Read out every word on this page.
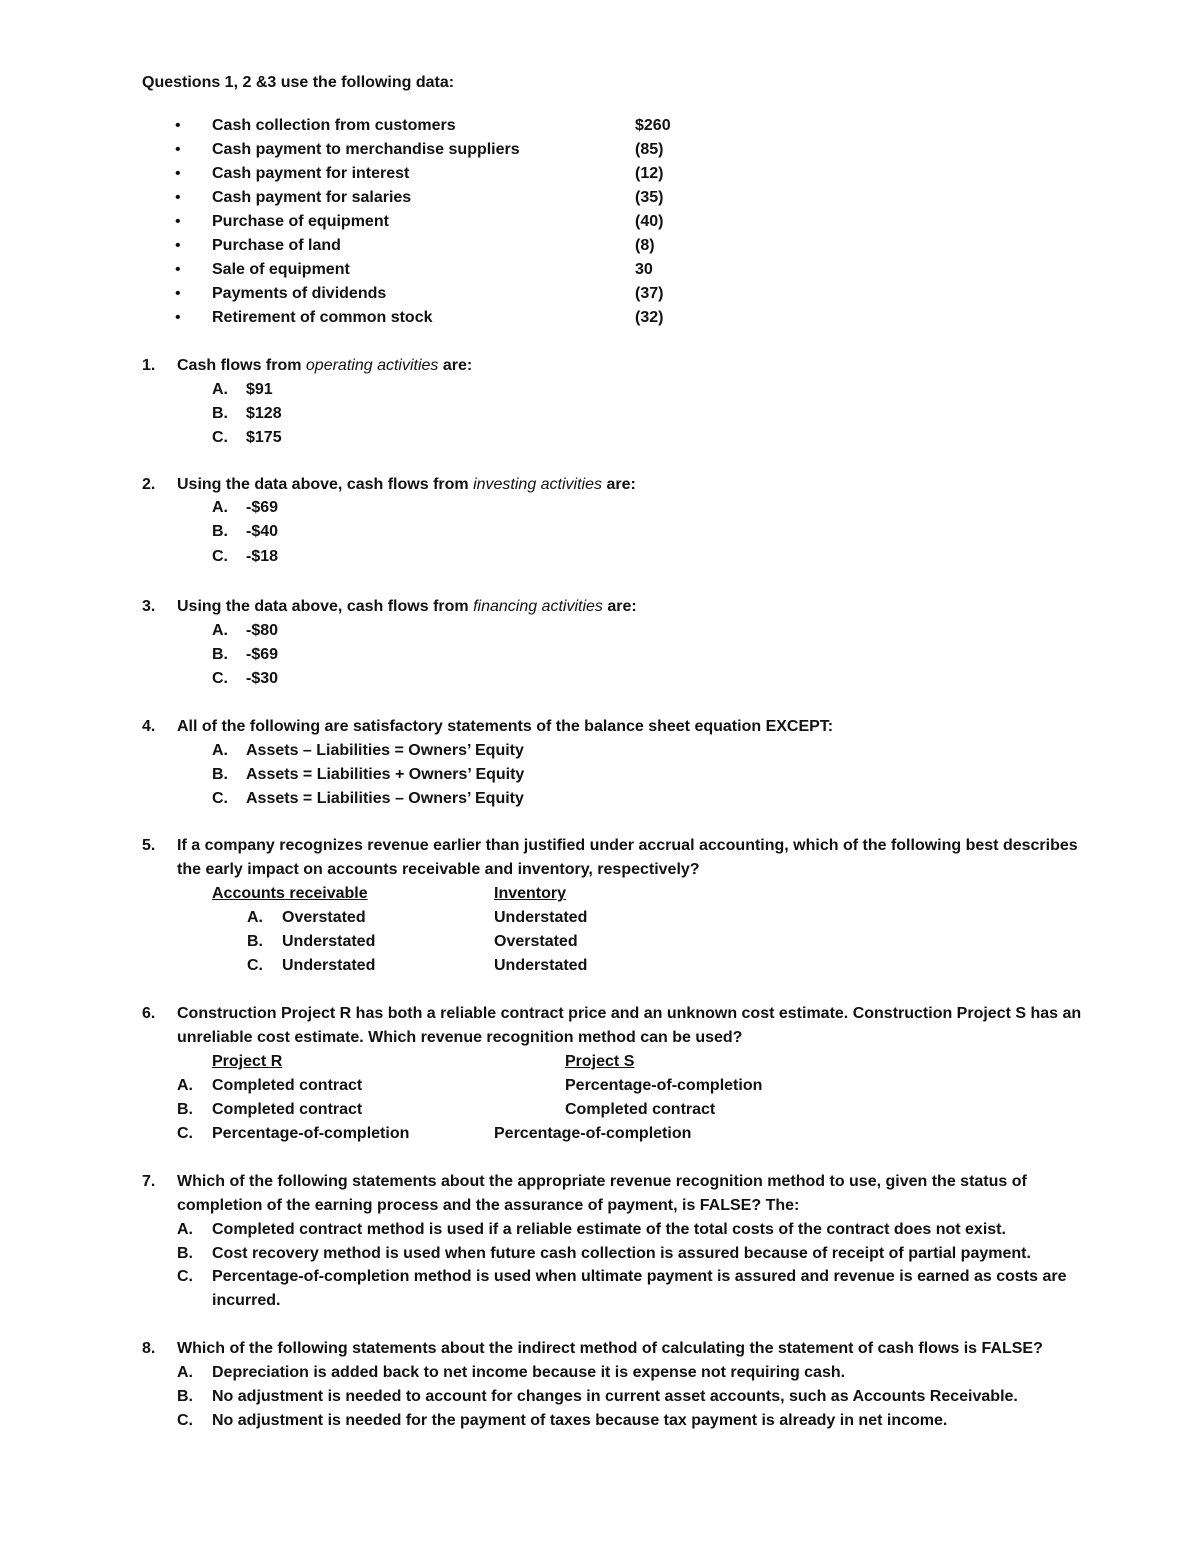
Questions 1, 2 &3 use the following data:
• Cash collection from customers	$260
• Cash payment to merchandise suppliers	(85)
• Cash payment for interest	(12)
• Cash payment for salaries	(35)
• Purchase of equipment	(40)
• Purchase of land	(8)
• Sale of equipment	30
• Payments of dividends	(37)
• Retirement of common stock	(32)
1. Cash flows from operating activities are:
A. $91
B. $128
C. $175
2. Using the data above, cash flows from investing activities are:
A. -$69
B. -$40
C. -$18
3. Using the data above, cash flows from financing activities are:
A. -$80
B. -$69
C. -$30
4. All of the following are satisfactory statements of the balance sheet equation EXCEPT:
A. Assets – Liabilities = Owners’ Equity
B. Assets = Liabilities + Owners’ Equity
C. Assets = Liabilities – Owners’ Equity
5. If a company recognizes revenue earlier than justified under accrual accounting, which of the following best describes
the early impact on accounts receivable and inventory, respectively?
Accounts receivable	Inventory
A. Overstated	Understated
B. Understated	Overstated
C. Understated	Understated
6. Construction Project R has both a reliable contract price and an unknown cost estimate. Construction Project S has an
unreliable cost estimate. Which revenue recognition method can be used?
Project R	Project S
A. Completed contract	Percentage-of-completion
B. Completed contract	Completed contract
C. Percentage-of-completion	Percentage-of-completion
7. Which of the following statements about the appropriate revenue recognition method to use, given the status of
completion of the earning process and the assurance of payment, is FALSE? The:
A. Completed contract method is used if a reliable estimate of the total costs of the contract does not exist.
B. Cost recovery method is used when future cash collection is assured because of receipt of partial payment.
C. Percentage-of-completion method is used when ultimate payment is assured and revenue is earned as costs are
incurred.
8. Which of the following statements about the indirect method of calculating the statement of cash flows is FALSE?
A. Depreciation is added back to net income because it is expense not requiring cash.
B. No adjustment is needed to account for changes in current asset accounts, such as Accounts Receivable.
C. No adjustment is needed for the payment of taxes because tax payment is already in net income.
